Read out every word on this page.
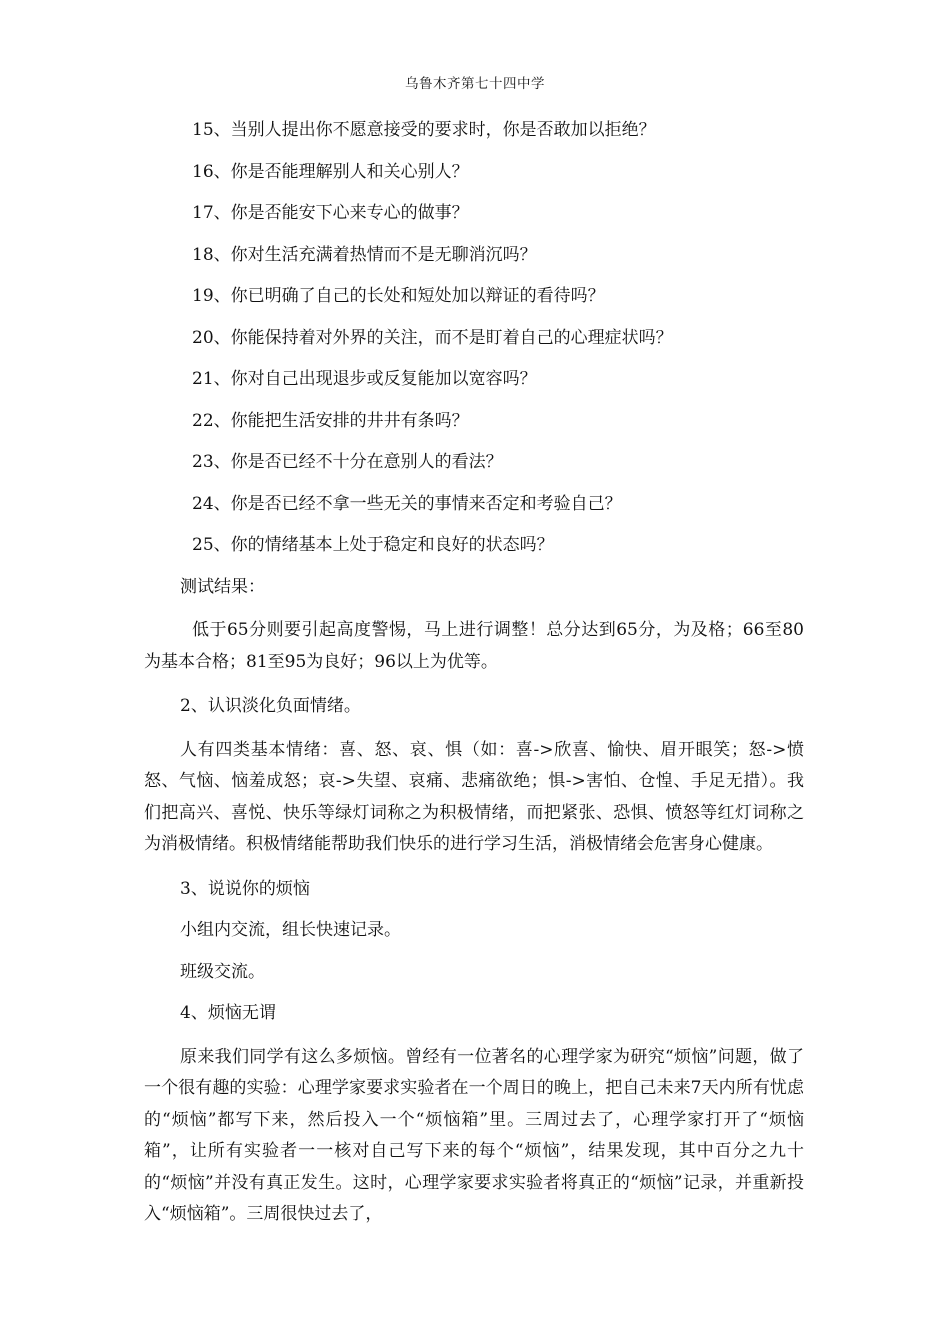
乌鲁木齐第七十四中学

15、当别人提出你不愿意接受的要求时，你是否敢加以拒绝？

16、你是否能理解别人和关心别人？

17、你是否能安下心来专心的做事？

18、你对生活充满着热情而不是无聊消沉吗？

19、你已明确了自己的长处和短处加以辩证的看待吗？

20、你能保持着对外界的关注，而不是盯着自己的心理症状吗？

21、你对自己出现退步或反复能加以宽容吗？

22、你能把生活安排的井井有条吗？

23、你是否已经不十分在意别人的看法？

24、你是否已经不拿一些无关的事情来否定和考验自己？

25、你的情绪基本上处于稳定和良好的状态吗？

测试结果：

低于65分则要引起高度警惕，马上进行调整！总分达到65分，为及格；66至80为基本合格；81至95为良好；96以上为优等。

2、认识淡化负面情绪。

人有四类基本情绪：喜、怒、哀、惧（如：喜->欣喜、愉快、眉开眼笑；怒->愤怒、气恼、恼羞成怒；哀->失望、哀痛、悲痛欲绝；惧->害怕、仓惶、手足无措）。我们把高兴、喜悦、快乐等绿灯词称之为积极情绪，而把紧张、恐惧、愤怒等红灯词称之为消极情绪。积极情绪能帮助我们快乐的进行学习生活，消极情绪会危害身心健康。

3、说说你的烦恼

小组内交流，组长快速记录。

班级交流。

4、烦恼无谓

原来我们同学有这么多烦恼。曾经有一位著名的心理学家为研究“烦恼”问题，做了一个很有趣的实验：心理学家要求实验者在一个周日的晚上，把自己未来7天内所有忧虑的“烦恼”都写下来，然后投入一个“烦恼箱”里。三周过去了，心理学家打开了“烦恼箱”，让所有实验者一一核对自己写下来的每个“烦恼”，结果发现，其中百分之九十的“烦恼”并没有真正发生。这时，心理学家要求实验者将真正的“烦恼”记录，并重新投入“烦恼箱”。三周很快过去了，
